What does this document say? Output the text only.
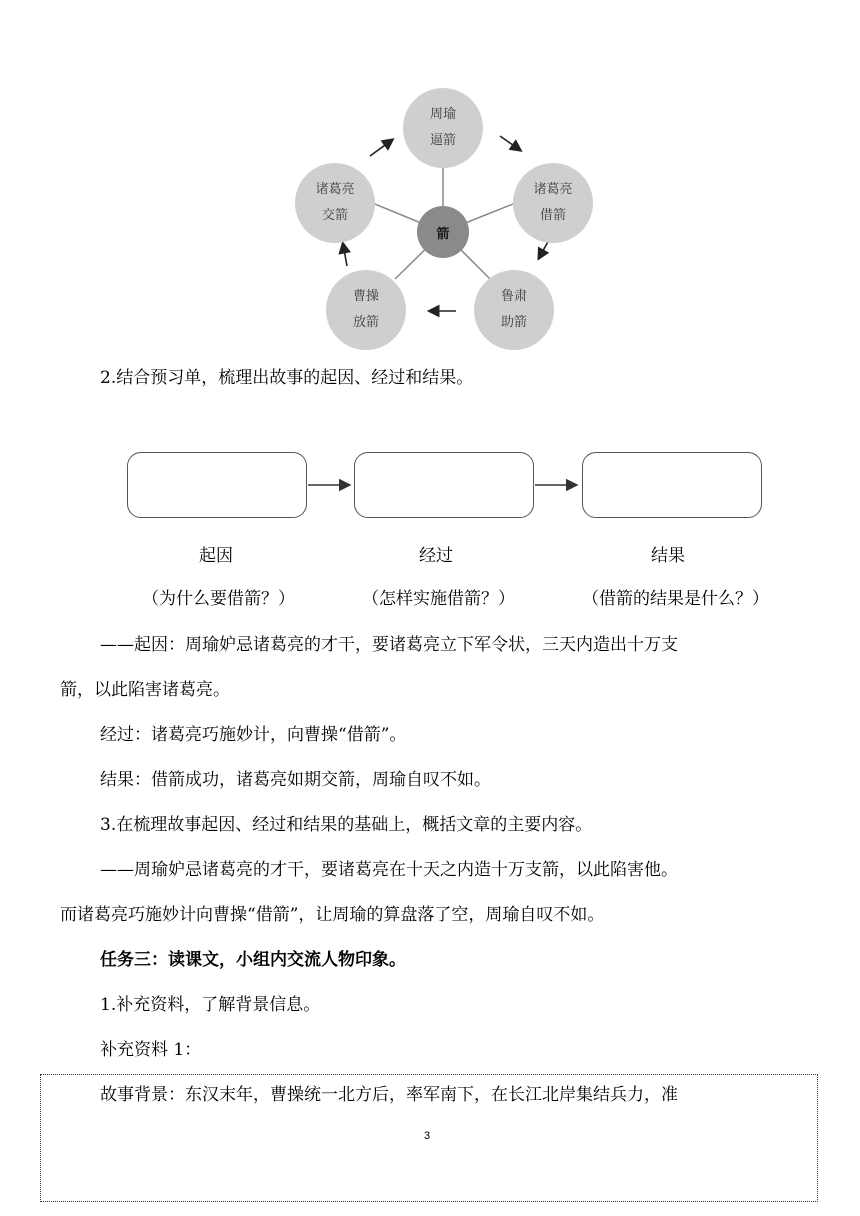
箭
周瑜
逼箭
诸葛亮
借箭
鲁肃
助箭
曹操
放箭
诸葛亮
交箭
2.结合预习单，梳理出故事的起因、经过和结果。
起因	经过	结果
（为什么要借箭？）	（怎样实施借箭？）	（借箭的结果是什么？）
——起因：周瑜妒忌诸葛亮的才干，要诸葛亮立下军令状，三天内造出十万支
箭，以此陷害诸葛亮。
经过：诸葛亮巧施妙计，向曹操“借箭”。
结果：借箭成功，诸葛亮如期交箭，周瑜自叹不如。
3.在梳理故事起因、经过和结果的基础上，概括文章的主要内容。
——周瑜妒忌诸葛亮的才干，要诸葛亮在十天之内造十万支箭，以此陷害他。
而诸葛亮巧施妙计向曹操“借箭”，让周瑜的算盘落了空，周瑜自叹不如。
任务三：读课文，小组内交流人物印象。
1.补充资料，了解背景信息。
补充资料 1：
故事背景：东汉末年，曹操统一北方后，率军南下，在长江北岸集结兵力，准
3
